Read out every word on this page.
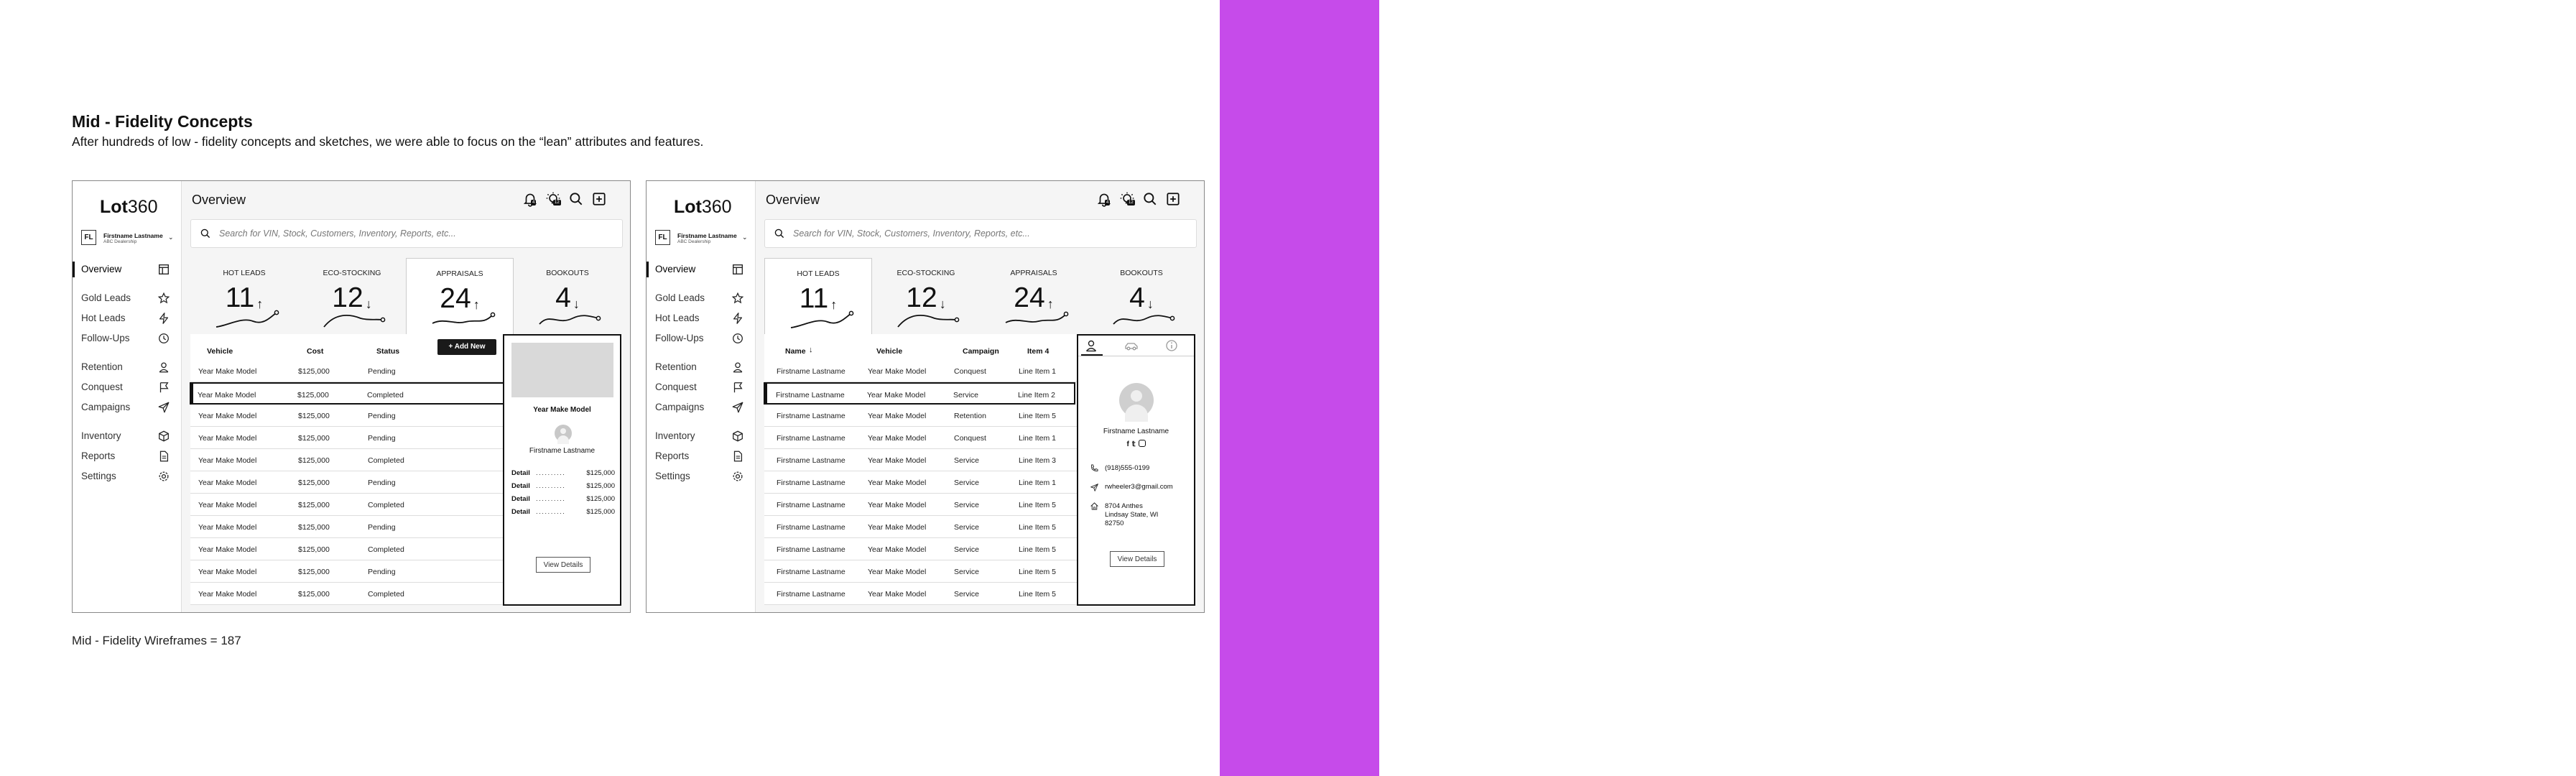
Mid - Fidelity Concepts
After hundreds of low - fidelity concepts and sketches, we were able to focus on the “lean” attributes and features.
Mid - Fidelity Wireframes = 187
EXPERIENCE
02
Lot360
FL	Firstname Lastname
ABC Dealership
⌄
Overview
Gold Leads
Hot Leads
Follow-Ups
Retention
Conquest
Campaigns
Inventory
Reports
Settings
Overview	4	12
Search for VIN, Stock, Customers, Inventory, Reports, etc...
HOT LEADS
11 ↑
ECO-STOCKING
12 ↓
APPRAISALS
24 ↑
BOOKOUTS
4 ↓
Year Make Model	$125,000	Pending
Year Make Model	$125,000	Completed
Year Make Model	$125,000	Pending
Year Make Model	$125,000	Pending
Year Make Model	$125,000	Completed
Year Make Model	$125,000	Pending
Year Make Model	$125,000	Completed
Year Make Model	$125,000	Pending
Year Make Model	$125,000	Completed
Year Make Model	$125,000	Pending
Year Make Model	$125,000	Completed
Vehicle	Cost	Status
+ Add New
Year Make Model
Firstname Lastname
Detail ..........	$125,000
Detail ..........	$125,000
Detail ..........	$125,000
Detail ..........	$125,000
View Details
Lot360
FL	Firstname Lastname
ABC Dealership
⌄
Overview
Gold Leads
Hot Leads
Follow-Ups
Retention
Conquest
Campaigns
Inventory
Reports
Settings
Overview	4	12
Search for VIN, Stock, Customers, Inventory, Reports, etc...
HOT LEADS
11 ↑
ECO-STOCKING
12 ↓
APPRAISALS
24 ↑
BOOKOUTS
4 ↓
Firstname Lastname	Year Make Model	Conquest	Line Item 1
Firstname Lastname	Year Make Model	Service	Line Item 2
Firstname Lastname	Year Make Model	Retention	Line Item 5
Firstname Lastname	Year Make Model	Conquest	Line Item 1
Firstname Lastname	Year Make Model	Service	Line Item 3
Firstname Lastname	Year Make Model	Service	Line Item 1
Firstname Lastname	Year Make Model	Service	Line Item 5
Firstname Lastname	Year Make Model	Service	Line Item 5
Firstname Lastname	Year Make Model	Service	Line Item 5
Firstname Lastname	Year Make Model	Service	Line Item 5
Firstname Lastname	Year Make Model	Service	Line Item 5
Name	Vehicle	Campaign	Item 4
↓
Firstname Lastname
f𝕥
(918)555-0199
rwheeler3@gmail.com
8704 Anthes
Lindsay State, WI
82750
View Details
